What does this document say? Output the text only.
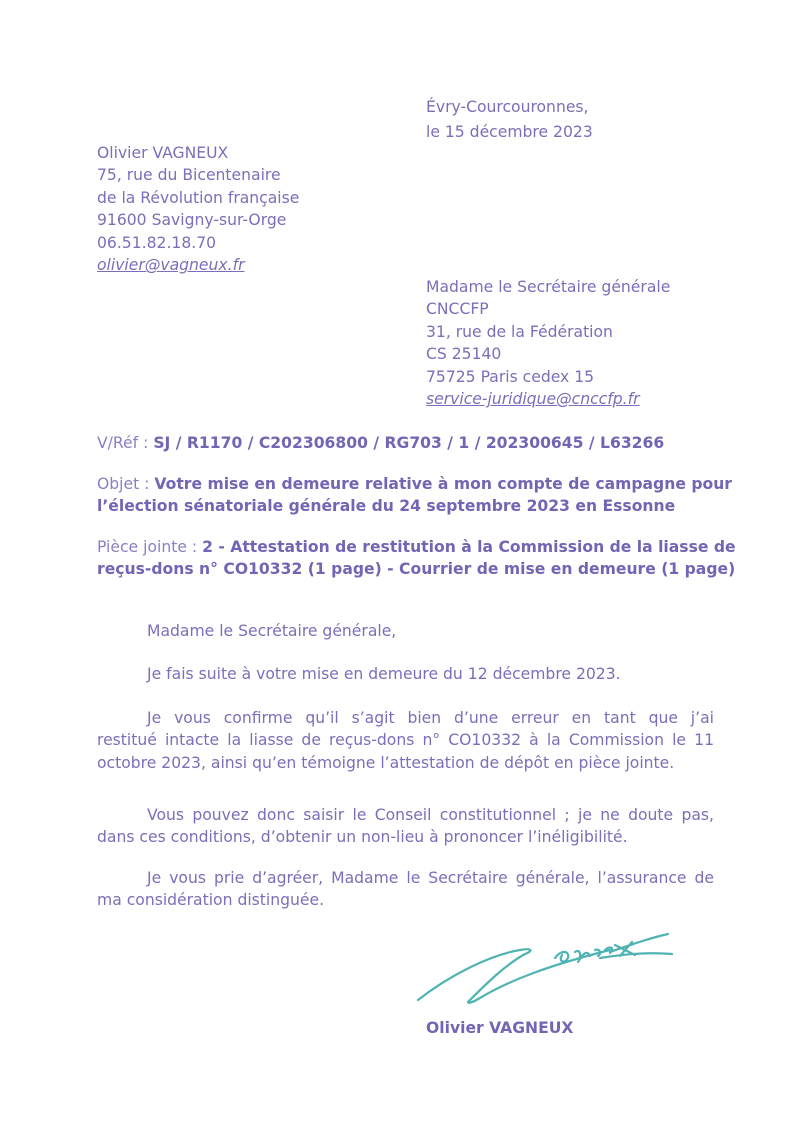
Évry-Courcouronnes,
le 15 décembre 2023
Olivier VAGNEUX
75, rue du Bicentenaire
de la Révolution française
91600 Savigny-sur-Orge
06.51.82.18.70
olivier@vagneux.fr
Madame le Secrétaire générale
CNCCFP
31, rue de la Fédération
CS 25140
75725 Paris cedex 15
service-juridique@cnccfp.fr
V/Réf : SJ / R1170 / C202306800 / RG703 / 1 / 202300645 / L63266
Objet : Votre mise en demeure relative à mon compte de campagne pour
l’élection sénatoriale générale du 24 septembre 2023 en Essonne
Pièce jointe : 2 - Attestation de restitution à la Commission de la liasse de
reçus-dons n° CO10332 (1 page) - Courrier de mise en demeure (1 page)
Madame le Secrétaire générale,
Je fais suite à votre mise en demeure du 12 décembre 2023.
Je vous confirme qu’il s’agit bien d’une erreur en tant que j’ai
restitué intacte la liasse de reçus-dons n° CO10332 à la Commission le 11
octobre 2023, ainsi qu’en témoigne l’attestation de dépôt en pièce jointe.
Vous pouvez donc saisir le Conseil constitutionnel ; je ne doute pas,
dans ces conditions, d’obtenir un non-lieu à prononcer l’inéligibilité.
Je vous prie d’agréer, Madame le Secrétaire générale, l’assurance de
ma considération distinguée.
Olivier VAGNEUX
